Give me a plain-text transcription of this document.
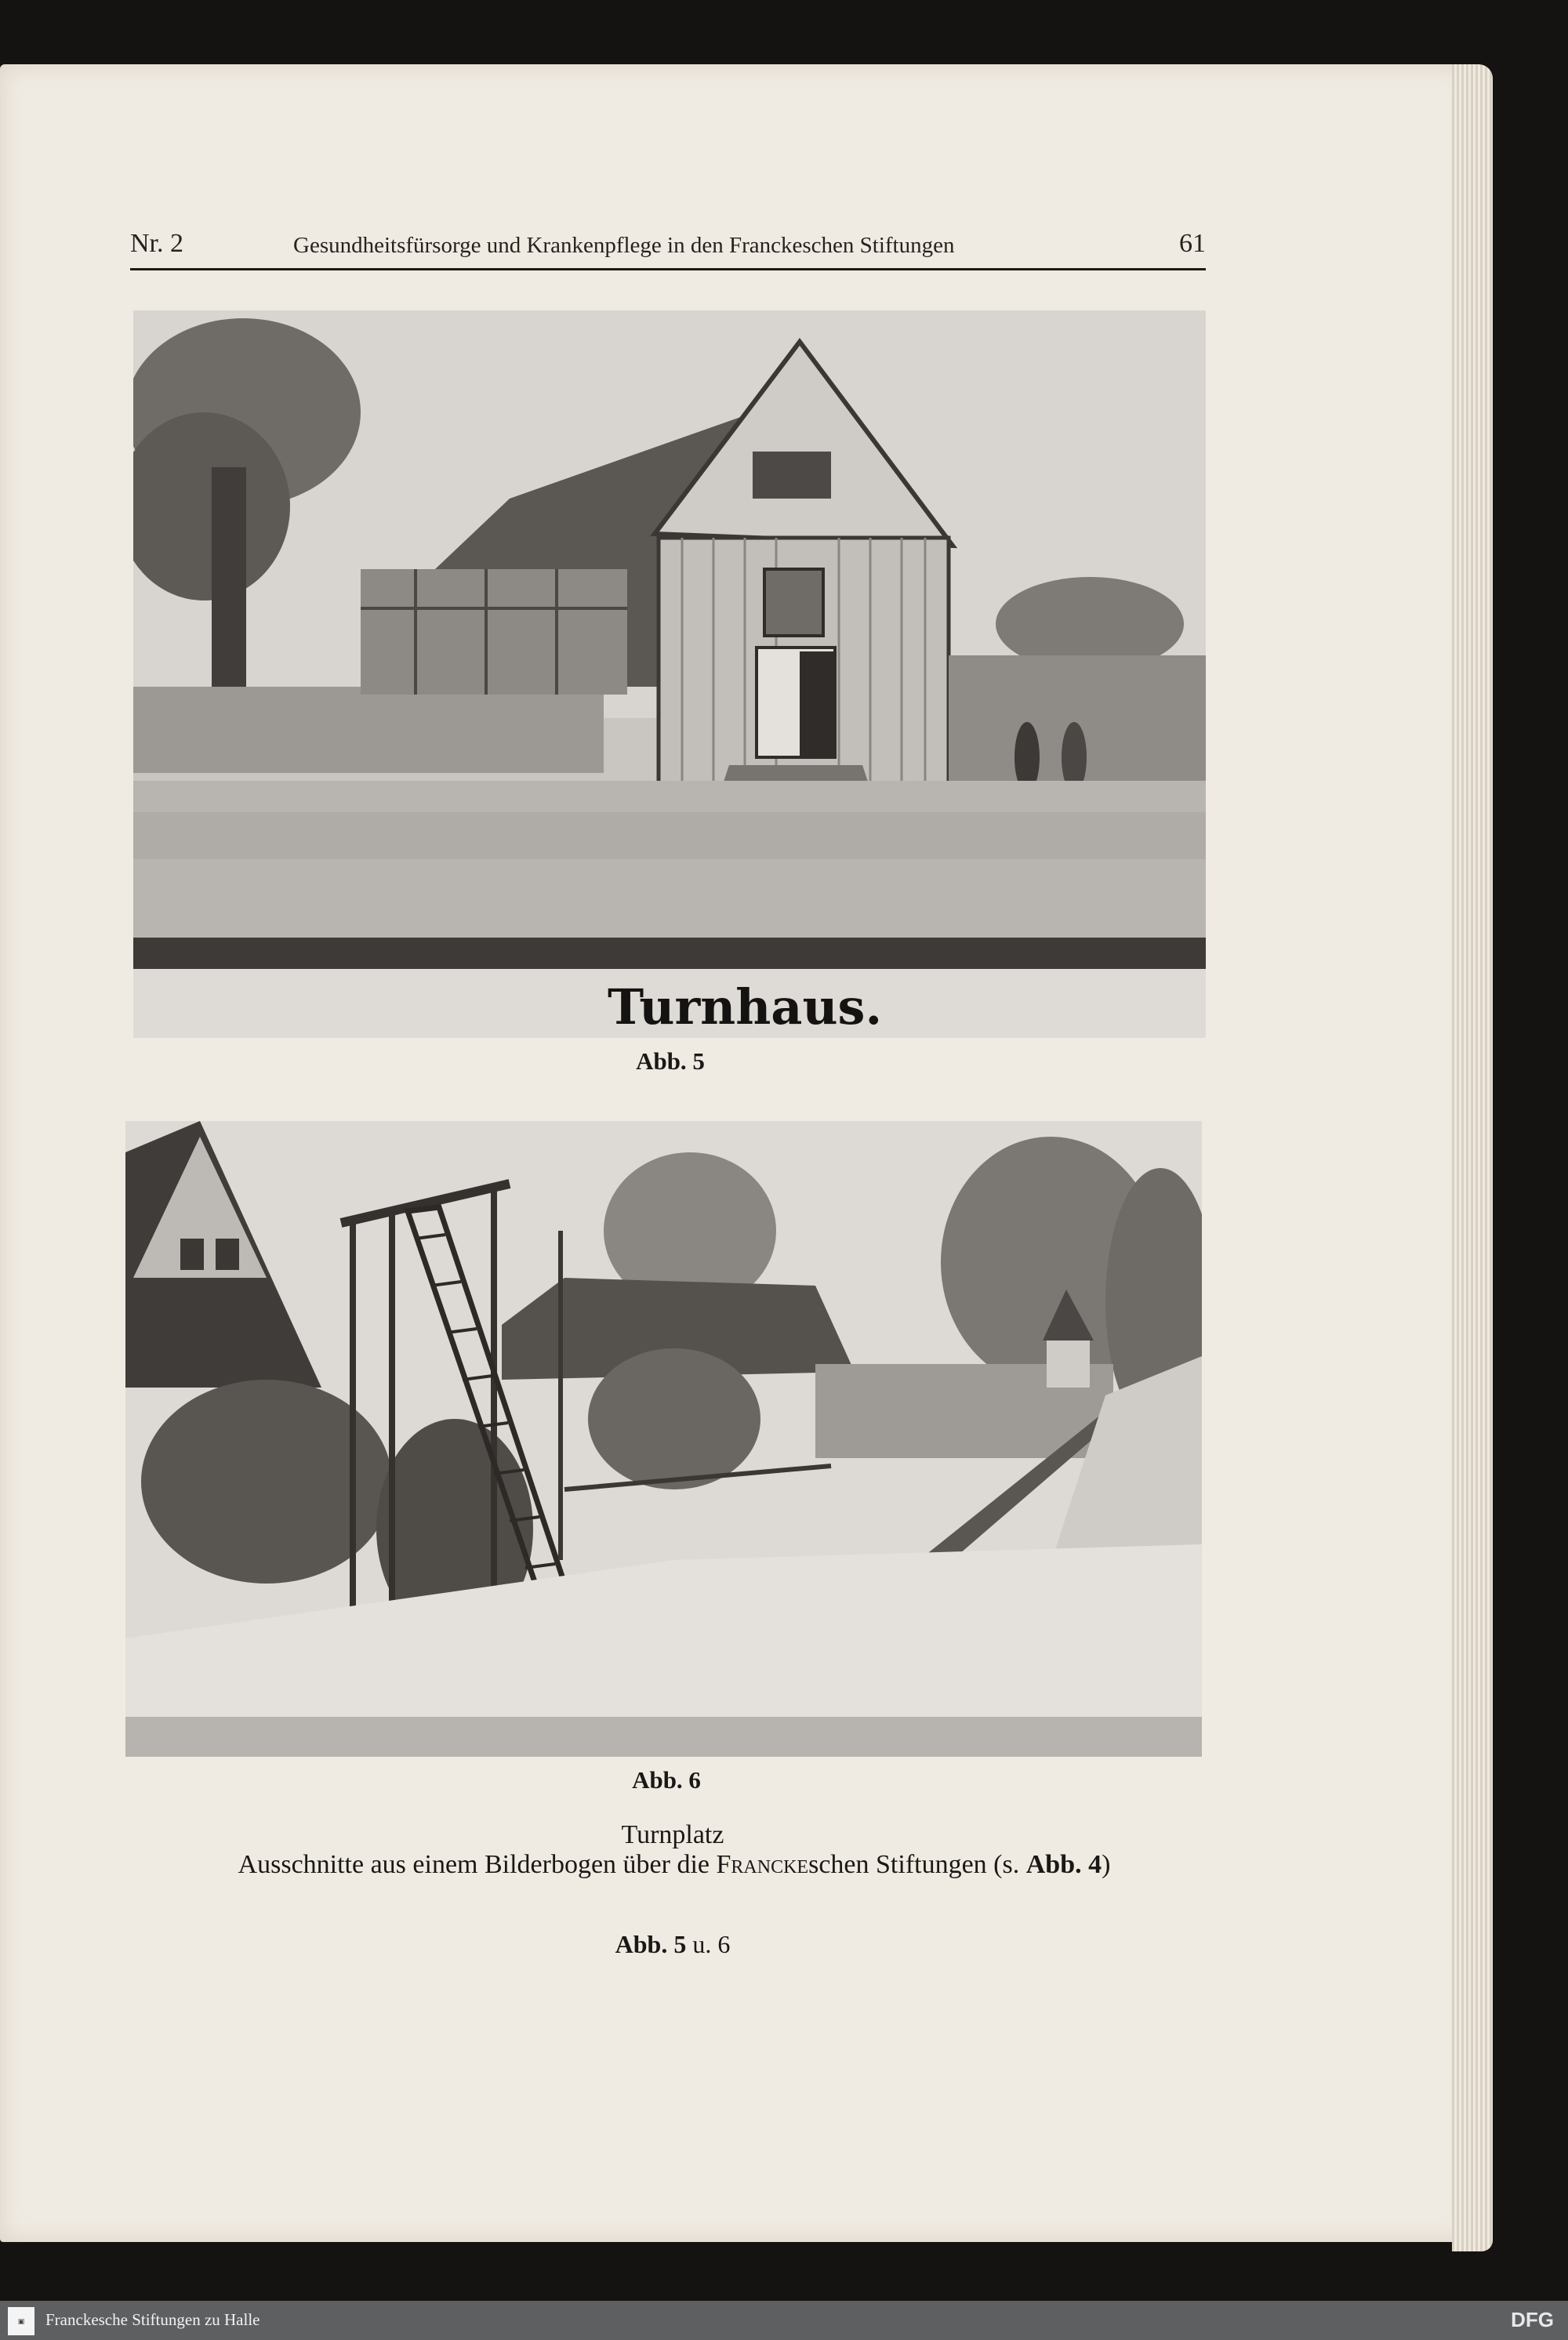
Nr. 2	Gesundheitsfürsorge und Krankenpflege in den Franckeschen Stiftungen	61
Turnhaus.
Abb. 5
Abb. 6
Turnplatz
Ausschnitte aus einem Bilderbogen über die Franckeschen Stiftungen (s. Abb. 4)
Abb. 5 u. 6
▣	Franckesche Stiftungen zu Halle	DFG
